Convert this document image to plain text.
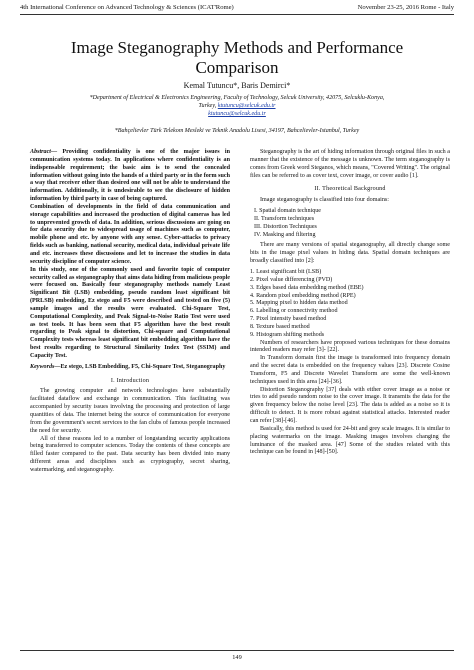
4th International Conference on Advanced Technology & Sciences (ICAT'Rome)	November 23-25, 2016 Rome - Italy
Image Steganography Methods and Performance
Comparison
Kemal Tutuncu*, Baris Demirci*
*Department of Electrical & Electronics Engineering, Faculty of Technology, Selcuk University, 42075, Selcuklu-Konya,
Turkey, ktutuncu@selcuk.edu.tr
ktutuncu@selcuk.edu.tr
*Bahçelievler Türk Telekom Mesleki ve Teknik Anadolu Lisesi, 34197, Bahcelievler-Istanbul, Turkey

Abstract— Providing confidentiality is one of the major issues in communication systems today. In applications where confidentiality is an indispensable requirement; the basic aim is to send the concealed information without going into the hands of a third party or in the form such a way that receiver other than desired one will not be able to understand the information. Additionally, it is undesirable to see the disclosure of hidden information by third party in case of being captured.

Combination of developments in the field of data communication and storage capabilities and increased the production of digital cameras has led to unprevented growth of data. In addition, serious discussions are going on for data security due to widespread usage of machines such as computer, mobile phone and etc. by anyone with any sense. Cyber-attacks to privacy fields such as banking, national security, medical data, individual private life and etc. increases these discussions and let to increase the studies in data security discipline of computer science.

In this study, one of the commonly used and favorite topic of computer security called as steganography that aims data hiding from malicious people were focused on. Basically four steganography methods namely Least Significant Bit (LSB) embedding, pseudo random least significant bit (PRLSB) embedding, Ez stego and F5 were described and tested on five (5) sample images and the results were evaluated. Chi-Square Test, Computational Complexity, and Peak Signal-to-Noise Ratio Test were used as test tools. It has been seen that F5 algorithm have the best result regarding to Peak signal to distortion, Chi-square and Computational Complexity tests whereas least significant bit embedding algorithm have the best results regarding to Structural Similarity Index Test (SSIM) and Capacity Test.

Keywords—Ez stego, LSB Embedding, F5, Chi-Square Test, Steganography

I. Introduction

The growing computer and network technologies have substantially facilitated dataflow and exchange in communication. This facilitating was accompanied by security issues involving the processing and protection of large quantities of data. The internet being the source of communication for everyone from the government's secret services to the fan clubs of famous people increased the need for security.

All of these reasons led to a number of longstanding security applications being transferred to computer sciences. Today the contents of these concepts are filled faster compared to the past. Data security has been divided into many different areas and disciplines such as cryptography, secret sharing, watermarking, and steganography.

Steganography is the art of hiding information through original files in such a manner that the existence of the message is unknown. The term steganography is comes from Greek word Steganos, which means, "Covered Writing". The original files can be referred to as cover text, cover image, or cover audio [1].

II. Theoretical Background

Image steganography is classified into four domains:

I. Spatial domain technique
II. Transform techniques
III. Distortion Techniques
IV. Masking and filtering

There are many versions of spatial steganography, all directly change some bits in the image pixel values in hiding data. Spatial domain techniques are broadly classified into [2]:

1. Least significant bit (LSB)
2. Pixel value differencing (PVD)
3. Edges based data embedding method (EBE)
4. Random pixel embedding method (RPE)
5. Mapping pixel to hidden data method
6. Labelling or connectivity method
7. Pixel intensity based method
8. Texture based method
9. Histogram shifting methods

Numbers of researchers have proposed various techniques for these domains intended readers may refer [3]- [22].

In Transform domain first the image is transformed into frequency domain and the secret data is embedded on the frequency values [23]. Discrete Cosine Transform, F5 and Discrete Wavelet Transform are some the well-known techniques used in this area [24]-[36].

Distortion Steganography [37] deals with either cover image as a noise or tries to add pseudo random noise to the cover image. It transmits the data for the given frequency below the noise level [23]. The data is added as a noise so it is difficult to detect. It is more robust against statistical attacks. Interested reader can refer [38]-[46].

Basically, this method is used for 24-bit and grey scale images. It is similar to placing watermarks on the image. Masking images involves changing the luminance of the masked area. [47] Some of the studies related with this technique can be found in [48]-[50].

149
